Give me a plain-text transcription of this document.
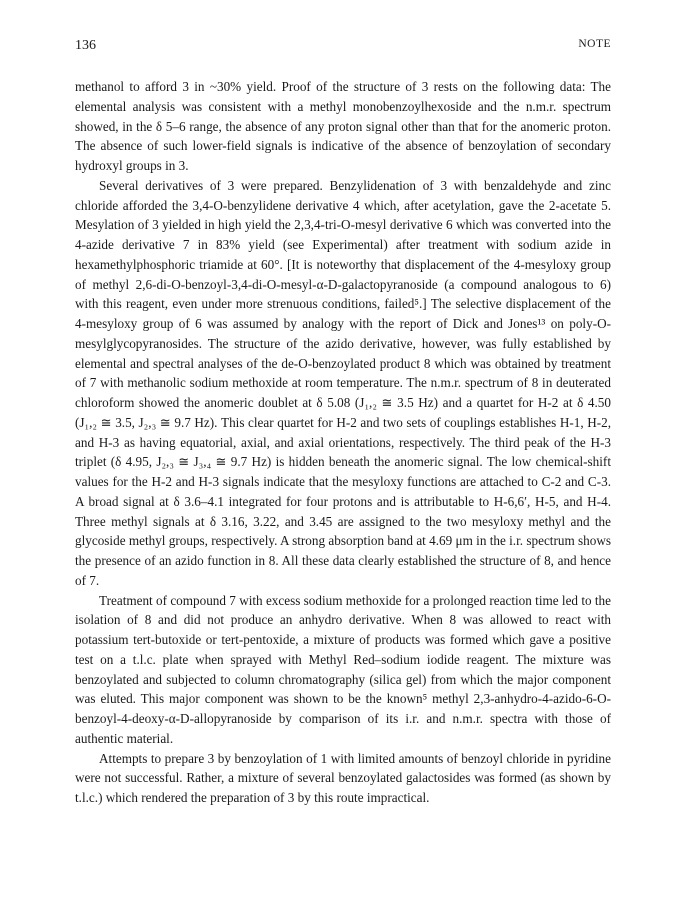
136	NOTE

methanol to afford 3 in ~30% yield. Proof of the structure of 3 rests on the following data: The elemental analysis was consistent with a methyl monobenzoylhexoside and the n.m.r. spectrum showed, in the δ 5–6 range, the absence of any proton signal other than that for the anomeric proton. The absence of such lower-field signals is indicative of the absence of benzoylation of secondary hydroxyl groups in 3.

Several derivatives of 3 were prepared. Benzylidenation of 3 with benzaldehyde and zinc chloride afforded the 3,4-O-benzylidene derivative 4 which, after acetylation, gave the 2-acetate 5. Mesylation of 3 yielded in high yield the 2,3,4-tri-O-mesyl derivative 6 which was converted into the 4-azide derivative 7 in 83% yield (see Experimental) after treatment with sodium azide in hexamethylphosphoric triamide at 60°. [It is noteworthy that displacement of the 4-mesyloxy group of methyl 2,6-di-O-benzoyl-3,4-di-O-mesyl-α-D-galactopyranoside (a compound analogous to 6) with this reagent, even under more strenuous conditions, failed⁵.] The selective displacement of the 4-mesyloxy group of 6 was assumed by analogy with the report of Dick and Jones¹³ on poly-O-mesylglycopyranosides. The structure of the azido derivative, however, was fully established by elemental and spectral analyses of the de-O-benzoylated product 8 which was obtained by treatment of 7 with methanolic sodium methoxide at room temperature. The n.m.r. spectrum of 8 in deuterated chloroform showed the anomeric doublet at δ 5.08 (J₁,₂ ≅ 3.5 Hz) and a quartet for H-2 at δ 4.50 (J₁,₂ ≅ 3.5, J₂,₃ ≅ 9.7 Hz). This clear quartet for H-2 and two sets of couplings establishes H-1, H-2, and H-3 as having equatorial, axial, and axial orientations, respectively. The third peak of the H-3 triplet (δ 4.95, J₂,₃ ≅ J₃,₄ ≅ 9.7 Hz) is hidden beneath the anomeric signal. The low chemical-shift values for the H-2 and H-3 signals indicate that the mesyloxy functions are attached to C-2 and C-3. A broad signal at δ 3.6–4.1 integrated for four protons and is attributable to H-6,6′, H-5, and H-4. Three methyl signals at δ 3.16, 3.22, and 3.45 are assigned to the two mesyloxy methyl and the glycoside methyl groups, respectively. A strong absorption band at 4.69 μm in the i.r. spectrum shows the presence of an azido function in 8. All these data clearly established the structure of 8, and hence of 7.

Treatment of compound 7 with excess sodium methoxide for a prolonged reaction time led to the isolation of 8 and did not produce an anhydro derivative. When 8 was allowed to react with potassium tert-butoxide or tert-pentoxide, a mixture of products was formed which gave a positive test on a t.l.c. plate when sprayed with Methyl Red–sodium iodide reagent. The mixture was benzoylated and subjected to column chromatography (silica gel) from which the major component was eluted. This major component was shown to be the known⁵ methyl 2,3-anhydro-4-azido-6-O-benzoyl-4-deoxy-α-D-allopyranoside by comparison of its i.r. and n.m.r. spectra with those of authentic material.

Attempts to prepare 3 by benzoylation of 1 with limited amounts of benzoyl chloride in pyridine were not successful. Rather, a mixture of several benzoylated galactosides was formed (as shown by t.l.c.) which rendered the preparation of 3 by this route impractical.
